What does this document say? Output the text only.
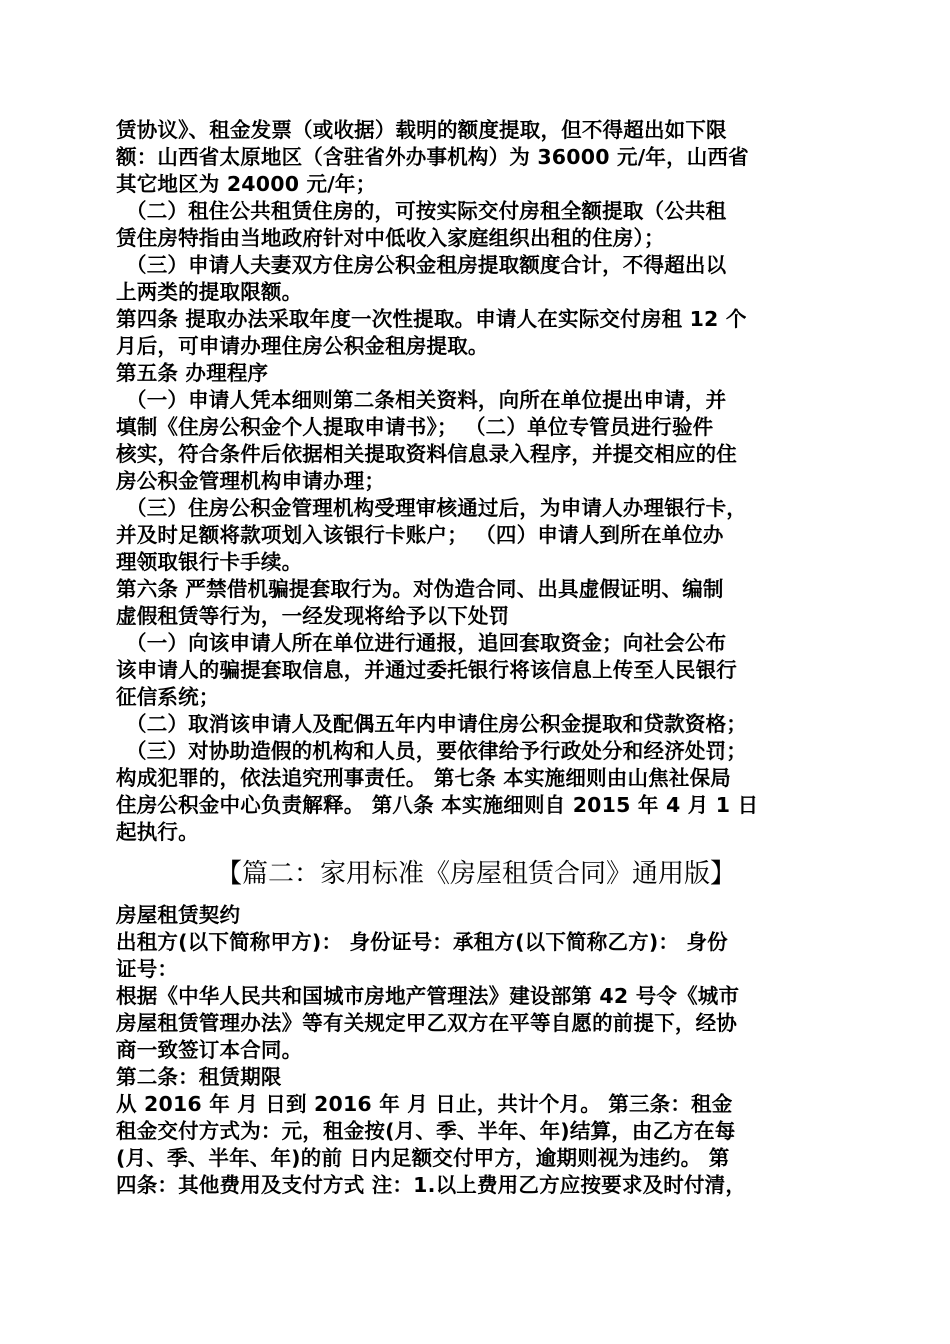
赁协议》、租金发票（或收据）载明的额度提取，但不得超出如下限
额：山西省太原地区（含驻省外办事机构）为 36000 元/年，山西省
其它地区为 24000 元/年；
（二）租住公共租赁住房的，可按实际交付房租全额提取（公共租
赁住房特指由当地政府针对中低收入家庭组织出租的住房）；
（三）申请人夫妻双方住房公积金租房提取额度合计，不得超出以
上两类的提取限额。
第四条 提取办法采取年度一次性提取。申请人在实际交付房租 12 个
月后，可申请办理住房公积金租房提取。
第五条 办理程序
（一）申请人凭本细则第二条相关资料，向所在单位提出申请，并
填制《住房公积金个人提取申请书》； （二）单位专管员进行验件
核实，符合条件后依据相关提取资料信息录入程序，并提交相应的住
房公积金管理机构申请办理；
（三）住房公积金管理机构受理审核通过后，为申请人办理银行卡，
并及时足额将款项划入该银行卡账户； （四）申请人到所在单位办
理领取银行卡手续。
第六条 严禁借机骗提套取行为。对伪造合同、出具虚假证明、编制
虚假租赁等行为，一经发现将给予以下处罚
（一）向该申请人所在单位进行通报，追回套取资金；向社会公布
该申请人的骗提套取信息，并通过委托银行将该信息上传至人民银行
征信系统；
（二）取消该申请人及配偶五年内申请住房公积金提取和贷款资格；
（三）对协助造假的机构和人员，要依律给予行政处分和经济处罚；
构成犯罪的，依法追究刑事责任。 第七条 本实施细则由山焦社保局
住房公积金中心负责解释。 第八条 本实施细则自 2015 年 4 月 1 日
起执行。
【篇二：家用标准《房屋租赁合同》通用版】
房屋租赁契约
出租方(以下简称甲方)： 身份证号：承租方(以下简称乙方)： 身份
证号：
根据《中华人民共和国城市房地产管理法》建设部第 42 号令《城市
房屋租赁管理办法》等有关规定甲乙双方在平等自愿的前提下，经协
商一致签订本合同。
第二条：租赁期限
从 2016 年 月 日到 2016 年 月 日止，共计个月。 第三条：租金
租金交付方式为：元，租金按(月、季、半年、年)结算，由乙方在每
(月、季、半年、年)的前 日内足额交付甲方，逾期则视为违约。 第
四条：其他费用及支付方式 注：1.以上费用乙方应按要求及时付清，
